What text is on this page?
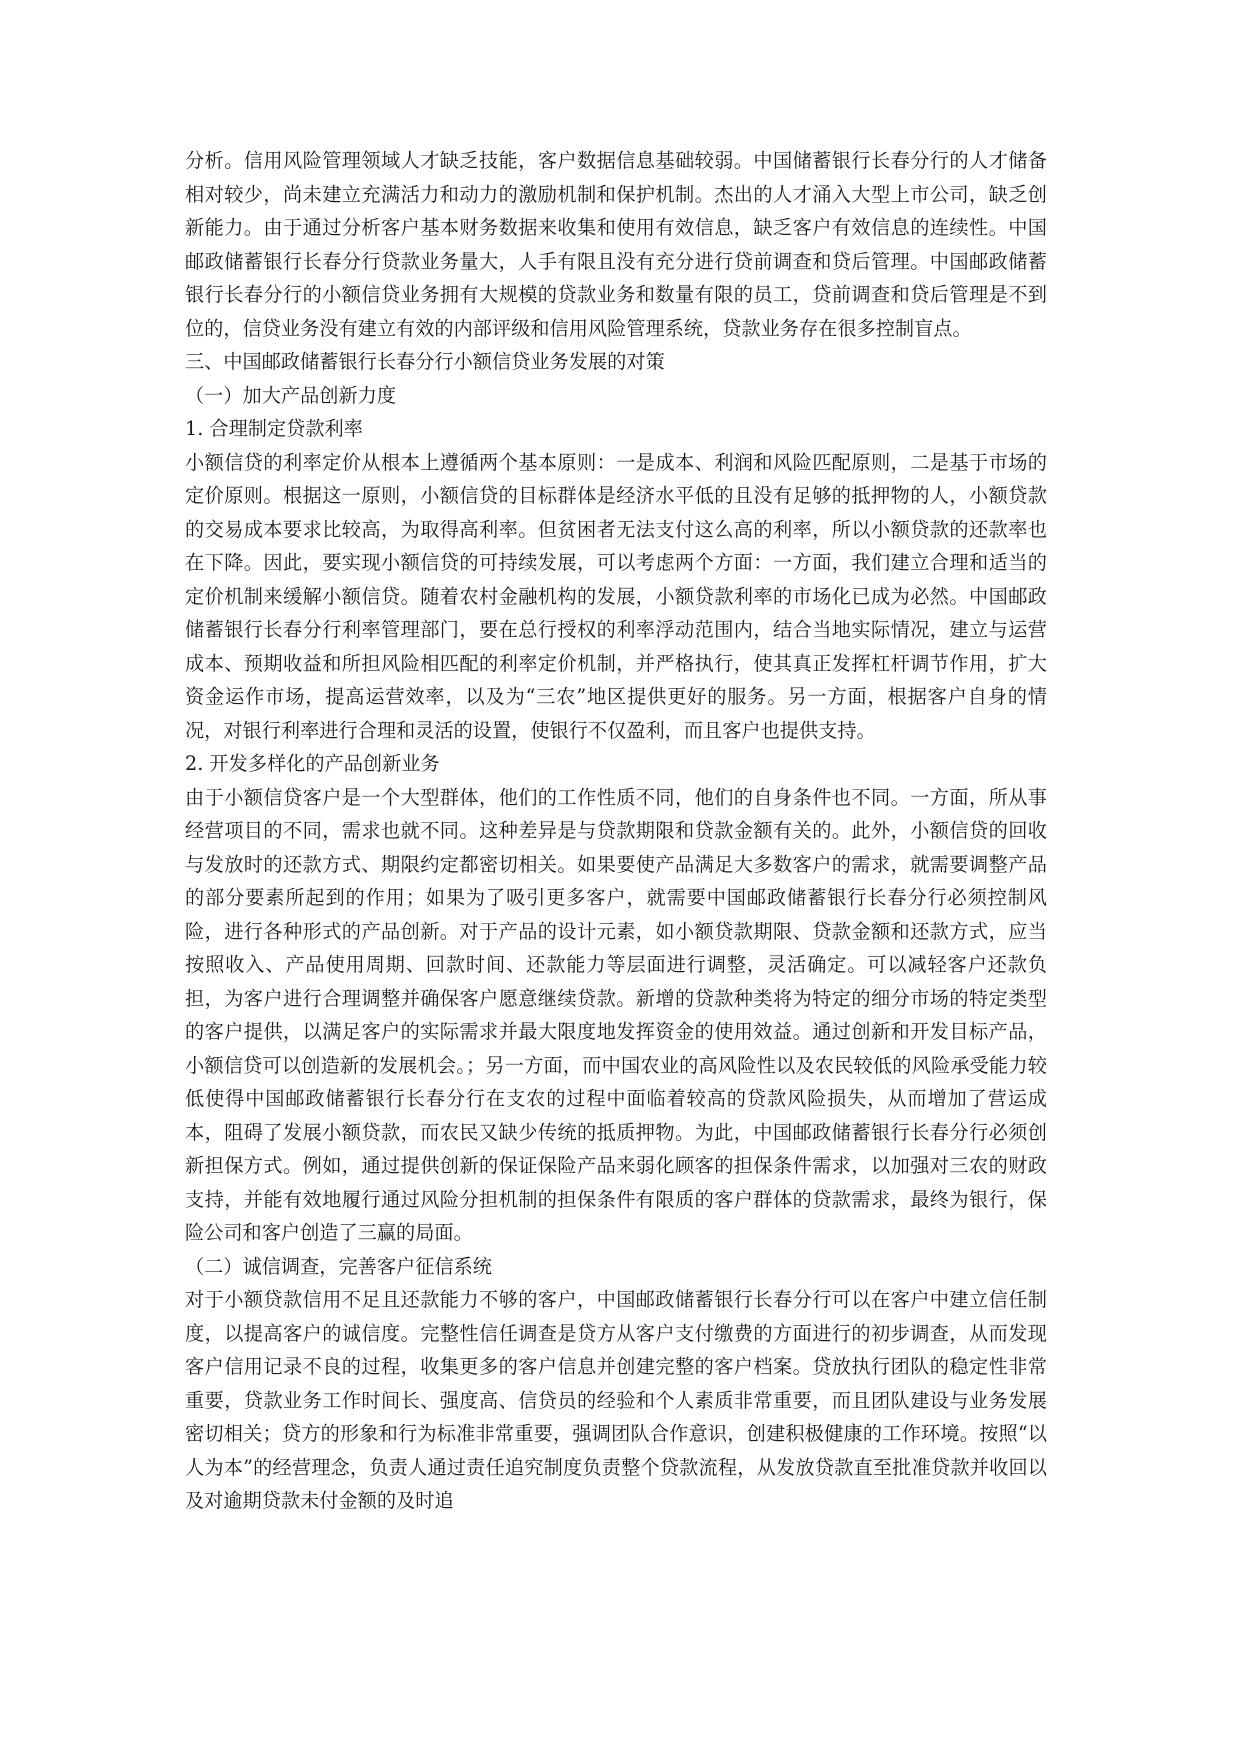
分析。信用风险管理领域人才缺乏技能，客户数据信息基础较弱。中国储蓄银行长春分行的人才储备相对较少，尚未建立充满活力和动力的激励机制和保护机制。杰出的人才涌入大型上市公司，缺乏创新能力。由于通过分析客户基本财务数据来收集和使用有效信息，缺乏客户有效信息的连续性。中国邮政储蓄银行长春分行贷款业务量大，人手有限且没有充分进行贷前调查和贷后管理。中国邮政储蓄银行长春分行的小额信贷业务拥有大规模的贷款业务和数量有限的员工，贷前调查和贷后管理是不到位的，信贷业务没有建立有效的内部评级和信用风险管理系统，贷款业务存在很多控制盲点。

三、中国邮政储蓄银行长春分行小额信贷业务发展的对策

（一）加大产品创新力度

1. 合理制定贷款利率

小额信贷的利率定价从根本上遵循两个基本原则：一是成本、利润和风险匹配原则，二是基于市场的定价原则。根据这一原则，小额信贷的目标群体是经济水平低的且没有足够的抵押物的人，小额贷款的交易成本要求比较高，为取得高利率。但贫困者无法支付这么高的利率，所以小额贷款的还款率也在下降。因此，要实现小额信贷的可持续发展，可以考虑两个方面：一方面，我们建立合理和适当的定价机制来缓解小额信贷。随着农村金融机构的发展，小额贷款利率的市场化已成为必然。中国邮政储蓄银行长春分行利率管理部门，要在总行授权的利率浮动范围内，结合当地实际情况，建立与运营成本、预期收益和所担风险相匹配的利率定价机制，并严格执行，使其真正发挥杠杆调节作用，扩大资金运作市场，提高运营效率，以及为“三农”地区提供更好的服务。另一方面，根据客户自身的情况，对银行利率进行合理和灵活的设置，使银行不仅盈利，而且客户也提供支持。

2. 开发多样化的产品创新业务

由于小额信贷客户是一个大型群体，他们的工作性质不同，他们的自身条件也不同。一方面，所从事经营项目的不同，需求也就不同。这种差异是与贷款期限和贷款金额有关的。此外，小额信贷的回收与发放时的还款方式、期限约定都密切相关。如果要使产品满足大多数客户的需求，就需要调整产品的部分要素所起到的作用；如果为了吸引更多客户，就需要中国邮政储蓄银行长春分行必须控制风险，进行各种形式的产品创新。对于产品的设计元素，如小额贷款期限、贷款金额和还款方式，应当按照收入、产品使用周期、回款时间、还款能力等层面进行调整，灵活确定。可以减轻客户还款负担，为客户进行合理调整并确保客户愿意继续贷款。新增的贷款种类将为特定的细分市场的特定类型的客户提供，以满足客户的实际需求并最大限度地发挥资金的使用效益。通过创新和开发目标产品，小额信贷可以创造新的发展机会。；另一方面，而中国农业的高风险性以及农民较低的风险承受能力较低使得中国邮政储蓄银行长春分行在支农的过程中面临着较高的贷款风险损失，从而增加了营运成本，阻碍了发展小额贷款，而农民又缺少传统的抵质押物。为此，中国邮政储蓄银行长春分行必须创新担保方式。例如，通过提供创新的保证保险产品来弱化顾客的担保条件需求，以加强对三农的财政支持，并能有效地履行通过风险分担机制的担保条件有限质的客户群体的贷款需求，最终为银行，保险公司和客户创造了三赢的局面。

（二）诚信调查，完善客户征信系统

对于小额贷款信用不足且还款能力不够的客户，中国邮政储蓄银行长春分行可以在客户中建立信任制度，以提高客户的诚信度。完整性信任调查是贷方从客户支付缴费的方面进行的初步调查，从而发现客户信用记录不良的过程，收集更多的客户信息并创建完整的客户档案。贷放执行团队的稳定性非常重要，贷款业务工作时间长、强度高、信贷员的经验和个人素质非常重要，而且团队建设与业务发展密切相关；贷方的形象和行为标准非常重要，强调团队合作意识，创建积极健康的工作环境。按照“以人为本”的经营理念，负责人通过责任追究制度负责整个贷款流程，从发放贷款直至批准贷款并收回以及对逾期贷款未付金额的及时追
